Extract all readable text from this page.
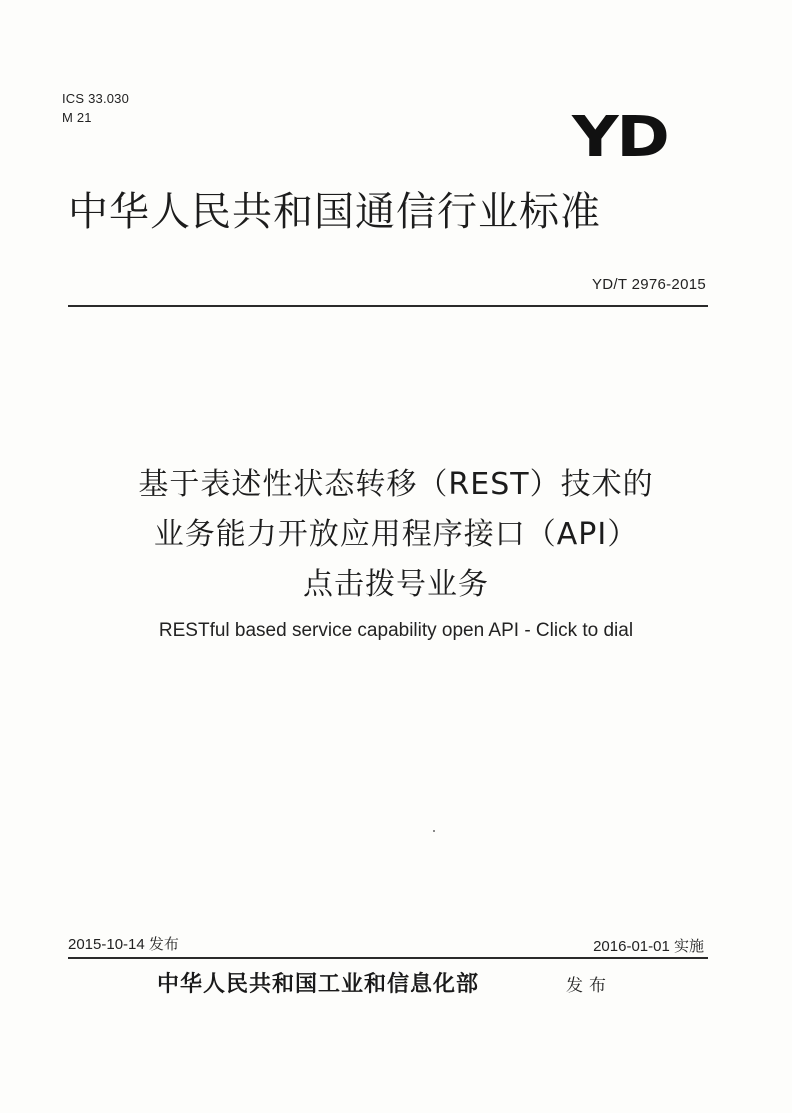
ICS 33.030
M 21	YD
中华人民共和国通信行业标准
YD/T 2976-2015
基于表述性状态转移（REST）技术的
业务能力开放应用程序接口（API）
点击拨号业务
RESTful based service capability open API - Click to dial
2015-10-14 发布	2016-01-01 实施
中华人民共和国工业和信息化部	发布
